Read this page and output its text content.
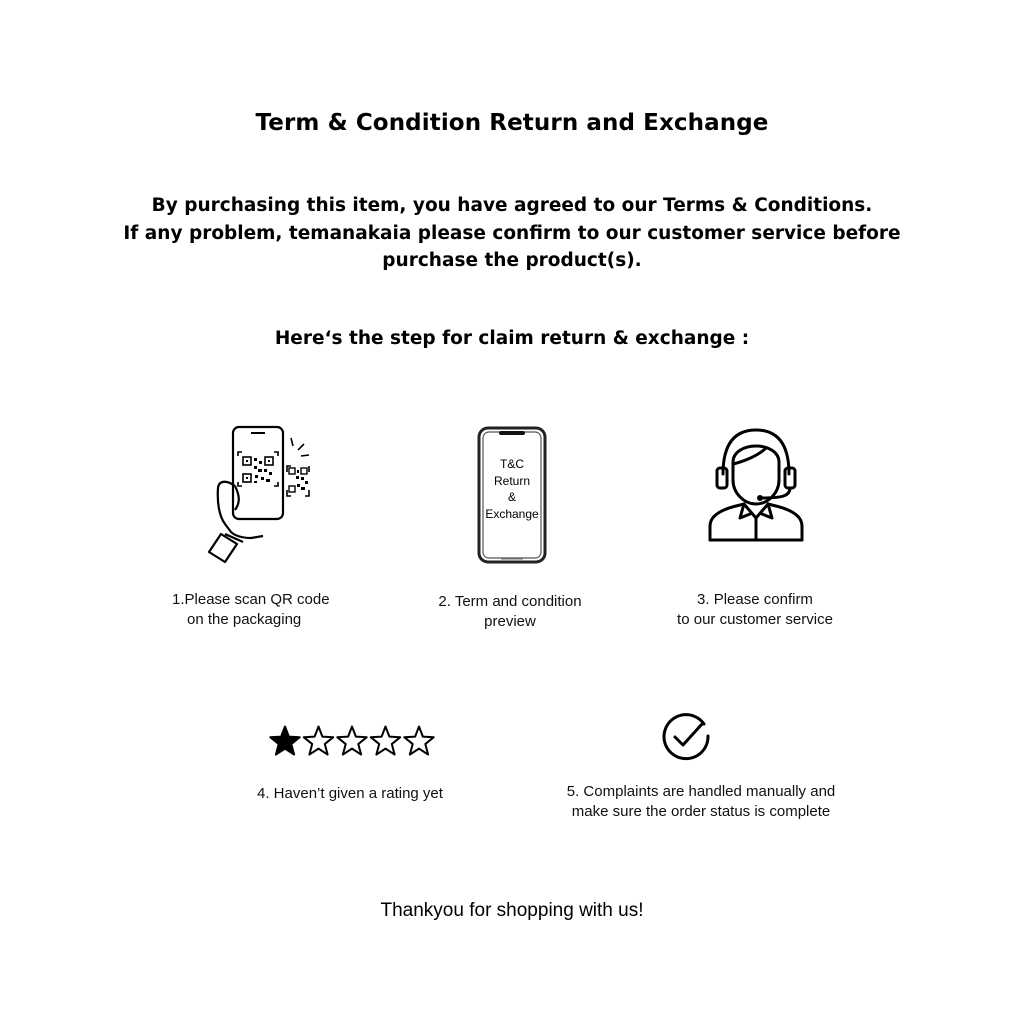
Term & Condition Return and Exchange
By purchasing this item, you have agreed to our Terms & Conditions.
If any problem, temanakaia please confirm to our customer service before
purchase the product(s).
Here‘s the step for claim return & exchange :
1.Please scan QR code
on the packaging
T&C
Return
&
Exchange
2. Term and condition
preview
3. Please confirm
to our customer service
4. Haven’t given a rating yet	5. Complaints are handled manually and
make sure the order status is complete
Thankyou for shopping with us!
